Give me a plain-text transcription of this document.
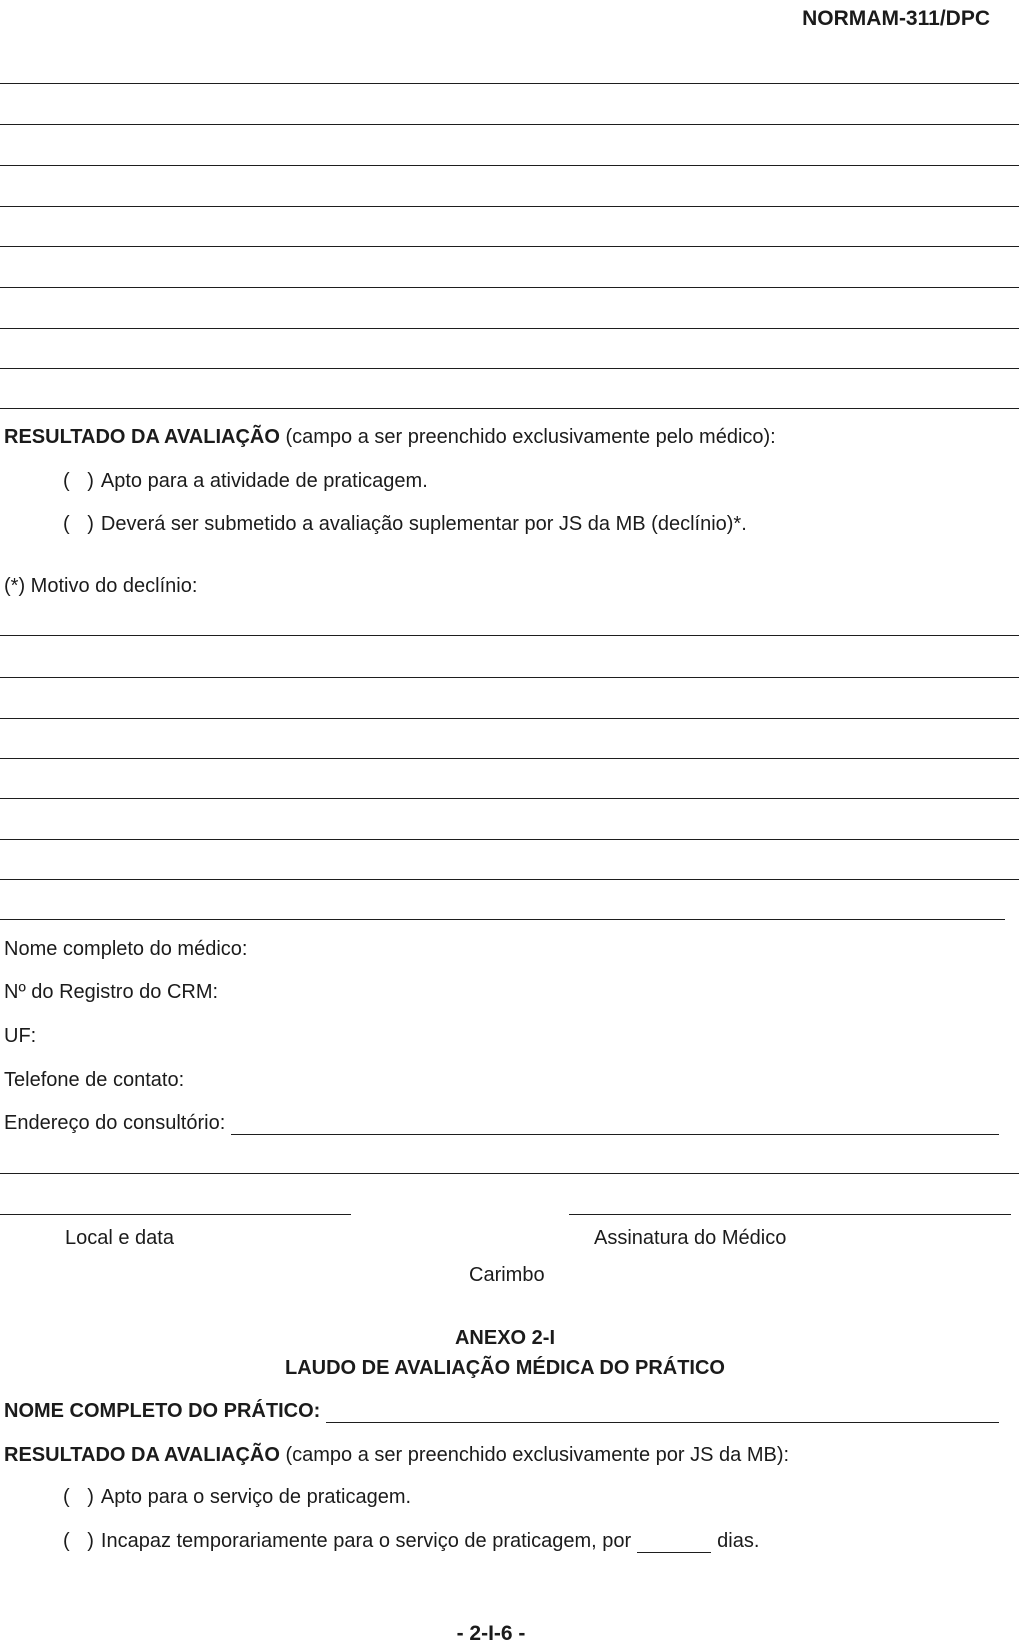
NORMAM-311/DPC
RESULTADO DA AVALIAÇÃO (campo a ser preenchido exclusivamente pelo médico):
( ) Apto para a atividade de praticagem.
( ) Deverá ser submetido a avaliação suplementar por JS da MB (declínio)*.
(*) Motivo do declínio:
Nome completo do médico:
Nº do Registro do CRM:
UF:
Telefone de contato:
Endereço do consultório:
Local e data	Assinatura do Médico
Carimbo
ANEXO 2-I
LAUDO DE AVALIAÇÃO MÉDICA DO PRÁTICO
NOME COMPLETO DO PRÁTICO:
RESULTADO DA AVALIAÇÃO (campo a ser preenchido exclusivamente por JS da MB):
( ) Apto para o serviço de praticagem.
( ) Incapaz temporariamente para o serviço de praticagem, por	dias.
- 2-I-6 -
